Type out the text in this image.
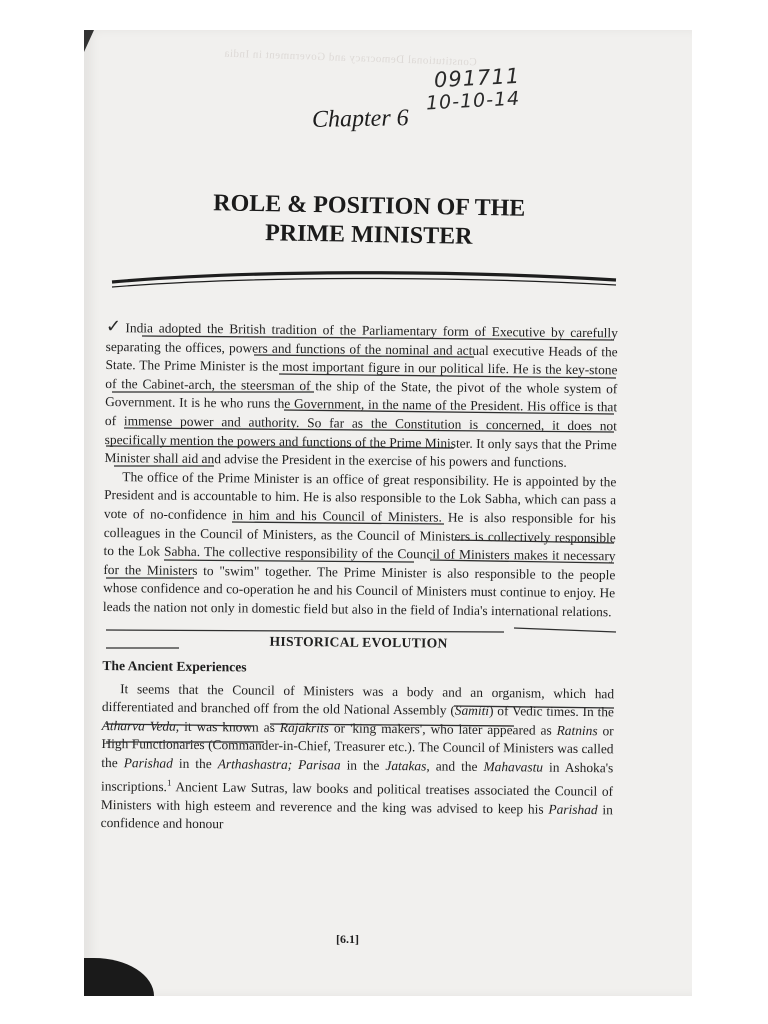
Constitutional Democracy and Government in India
091711
10-10-14
Chapter 6
ROLE & POSITION OF THE
PRIME MINISTER

✓ India adopted the British tradition of the Parliamentary form of Executive by carefully separating the offices, powers and functions of the nominal and actual executive Heads of the State. The Prime Minister is the most important figure in our political life. He is the key-stone of the Cabinet-arch, the steersman of the ship of the State, the pivot of the whole system of Government. It is he who runs the Government, in the name of the President. His office is that of immense power and authority. So far as the Constitution is concerned, it does not specifically mention the powers and functions of the Prime Minister. It only says that the Prime Minister shall aid and advise the President in the exercise of his powers and functions.

The office of the Prime Minister is an office of great responsibility. He is appointed by the President and is accountable to him. He is also responsible to the Lok Sabha, which can pass a vote of no-confidence in him and his Council of Ministers. He is also responsible for his colleagues in the Council of Ministers, as the Council of Ministers is collectively responsible to the Lok Sabha. The collective responsibility of the Council of Ministers makes it necessary for the Ministers to "swim" together. The Prime Minister is also responsible to the people whose confidence and co-operation he and his Council of Ministers must continue to enjoy. He leads the nation not only in domestic field but also in the field of India's international relations.

HISTORICAL EVOLUTION
The Ancient Experiences

It seems that the Council of Ministers was a body and an organism, which had differentiated and branched off from the old National Assembly (Samiti) of Vedic times. In the Atharva Veda, it was known as Rajakrits or 'king makers', who later appeared as Ratnins or High Functionaries (Commander-in-Chief, Treasurer etc.). The Council of Ministers was called the Parishad in the Arthashastra; Parisaa in the Jatakas, and the Mahavastu in Ashoka's inscriptions.$^1$ Ancient Law Sutras, law books and political treatises associated the Council of Ministers with high esteem and reverence and the king was advised to keep his Parishad in confidence and honour

[6.1]
